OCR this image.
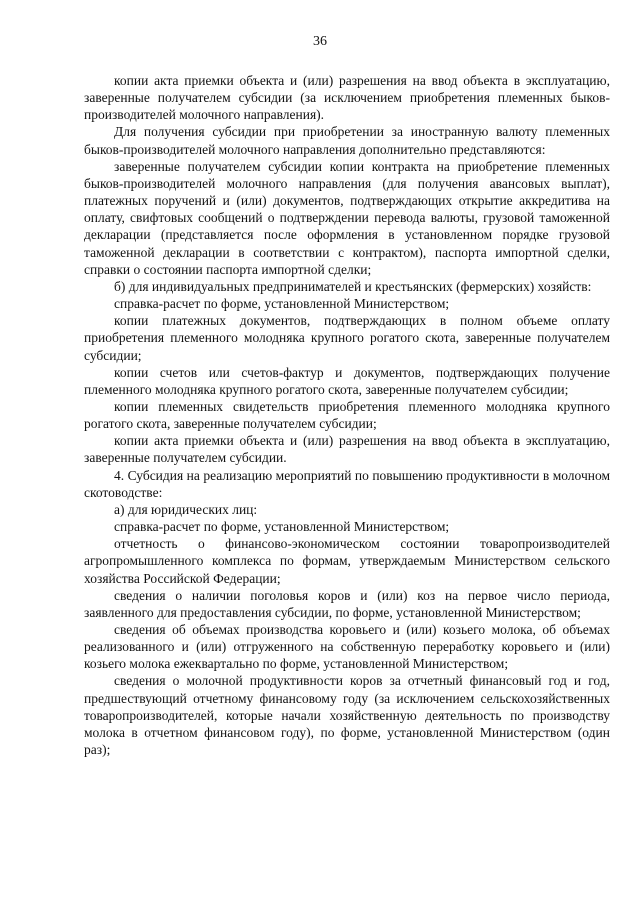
36

копии акта приемки объекта и (или) разрешения на ввод объекта в эксплуатацию, заверенные получателем субсидии (за исключением приобретения племенных быков-производителей молочного направления).

Для получения субсидии при приобретении за иностранную валюту племенных быков-производителей молочного направления дополнительно представляются:

заверенные получателем субсидии копии контракта на приобретение племенных быков-производителей молочного направления (для получения авансовых выплат), платежных поручений и (или) документов, подтверждающих открытие аккредитива на оплату, свифтовых сообщений о подтверждении перевода валюты, грузовой таможенной декларации (представляется после оформления в установленном порядке грузовой таможенной декларации в соответствии с контрактом), паспорта импортной сделки, справки о состоянии паспорта импортной сделки;

б) для индивидуальных предпринимателей и крестьянских (фермерских) хозяйств:

справка-расчет по форме, установленной Министерством;

копии платежных документов, подтверждающих в полном объеме оплату приобретения племенного молодняка крупного рогатого скота, заверенные получателем субсидии;

копии счетов или счетов-фактур и документов, подтверждающих получение племенного молодняка крупного рогатого скота, заверенные получателем субсидии;

копии племенных свидетельств приобретения племенного молодняка крупного рогатого скота, заверенные получателем субсидии;

копии акта приемки объекта и (или) разрешения на ввод объекта в эксплуатацию, заверенные получателем субсидии.

4. Субсидия на реализацию мероприятий по повышению продуктивности в молочном скотоводстве:

а) для юридических лиц:

справка-расчет по форме, установленной Министерством;

отчетность о финансово-экономическом состоянии товаропроизводителей агропромышленного комплекса по формам, утверждаемым Министерством сельского хозяйства Российской Федерации;

сведения о наличии поголовья коров и (или) коз на первое число периода, заявленного для предоставления субсидии, по форме, установленной Министерством;

сведения об объемах производства коровьего и (или) козьего молока, об объемах реализованного и (или) отгруженного на собственную переработку коровьего и (или) козьего молока ежеквартально по форме, установленной Министерством;

сведения о молочной продуктивности коров за отчетный финансовый год и год, предшествующий отчетному финансовому году (за исключением сельскохозяйственных товаропроизводителей, которые начали хозяйственную деятельность по производству молока в отчетном финансовом году), по форме, установленной Министерством (один раз);
